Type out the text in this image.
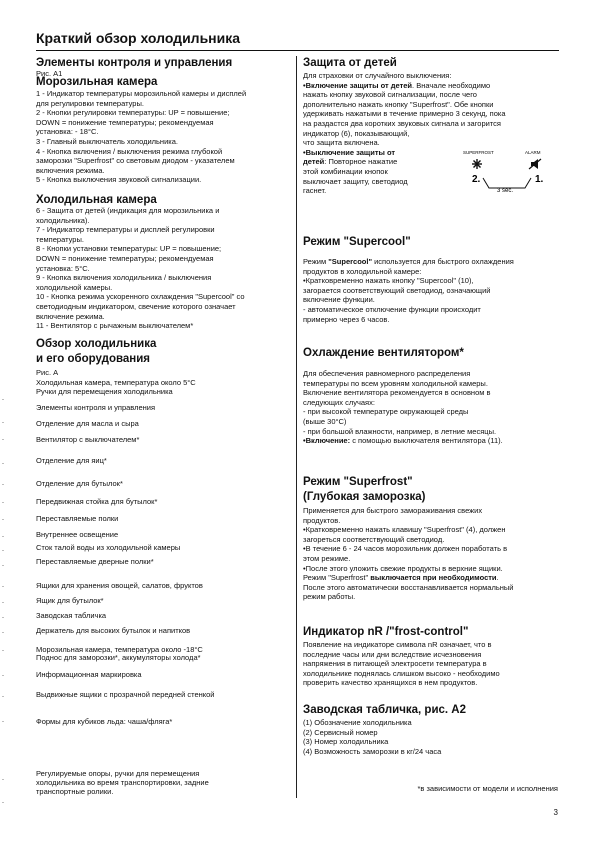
Краткий обзор холодильника
Элементы контроля и управления
Рис. A1
Морозильная камера
1 - Индикатор температуры морозильной камеры и дисплей
для регулировки температуры.
2 - Кнопки регулировки температуры: UP = повышение;
DOWN = понижение температуры; рекомендуемая
установка: - 18°C.
3 - Главный выключатель холодильника.
4 - Кнопка включения / выключения режима глубокой
заморозки "Superfrost" со световым диодом - указателем
включения режима.
5 - Кнопка выключения звуковой сигнализации.
Холодильная камера
6 - Защита от детей (индикация для морозильника и
холодильника).
7 - Индикатор температуры и дисплей регулировки
температуры.
8 - Кнопки установки температуры: UP = повышение;
DOWN = понижение температуры; рекомендуемая
установка: 5°C.
9 - Кнопка включения холодильника / выключения
холодильной камеры.
10 - Кнопка режима ускоренного охлаждения "Supercool" со
светодиодным индикатором, свечение которого означает
включение режима.
11 - Вентилятор с рычажным выключателем*
Обзор холодильника
и его оборудования
Рис. A
Холодильная камера, температура около 5°C
Ручки для перемещения холодильника
-
Элементы контроля и управления
-	Отделение для масла и сыра
-	Вентилятор с выключателем*
-	Отделение для яиц*
-	Отделение для бутылок*
-	Передвижная стойка для бутылок*
-	Переставляемые полки
-	Внутреннее освещение
-	Сток талой воды из холодильной камеры
-	Переставляемые дверные полки*
-	Ящики для хранения овощей, салатов, фруктов
-	Ящик для бутылок*
-	Заводская табличка
-	Держатель для высоких бутылок и напитков
-	Морозильная камера, температура около -18°C
Поднос для заморозки*, аккумуляторы холода*
-	Информационная маркировка
-	Выдвижные ящики с прозрачной передней стенкой
-	Формы для кубиков льда: чаша/фляга*
-
Регулируемые опоры, ручки для перемещения
холодильника во время транспортировки, задние
транспортные ролики.
-
Защита от детей
Для страховки от случайного выключения:
•Включение защиты от детей. Вначале необходимо
нажать кнопку звуковой сигнализации, после чего
дополнительно нажать кнопку "Superfrost". Обе кнопки
удерживать нажатыми в течение примерно 3 секунд, пока
на раздастся два коротких звуковых сигнала и загорится
индикатор (6), показывающий,
что защита включена.
•Выключение защиты от
детей: Повторное нажатие
этой комбинации кнопок
выключает защиту, светодиод
гаснет.
SUPERFROST	ALARM
2.	1.
3 sec.
Режим "Supercool"
Режим "Supercool" используется для быстрого охлаждения
продуктов в холодильной камере:
•Кратковременно нажать кнопку "Supercool" (10),
загорается соответствующий светодиод, означающий
включение функции.
- автоматическое отключение функции происходит
примерно через 6 часов.
Охлаждение вентилятором*
Для обеспечения равномерного распределения
температуры по всем уровням холодильной камеры.
Включение вентилятора рекомендуется в основном в
следующих случаях:
- при высокой температуре окружающей среды
(выше 30°C)
- при большой влажности, например, в летние месяцы.
•Включение: с помощью выключателя вентилятора (11).
Режим "Superfrost"
(Глубокая заморозка)
Применяется для быстрого замораживания свежих
продуктов.
•Кратковременно нажать клавишу "Superfrost" (4), должен
загореться соответствующий светодиод.
•В течение 6 - 24 часов морозильник должен поработать в
этом режиме.
•После этого уложить свежие продукты в верхние ящики.
Режим "Superfrost" выключается при необходимости.
После этого автоматически восстанавливается нормальный
режим работы.
Индикатор nR /"frost-control"
Появление на индикаторе символа nR означает, что в
последние часы или дни вследствие исчезновения
напряжения в питающей электросети температура в
холодильнике поднялась слишком высоко - необходимо
проверить качество хранящихся в нем продуктов.
Заводская табличка, рис. A2
(1) Обозначение холодильника
(2) Сервисный номер
(3) Номер холодильника
(4) Возможность заморозки в кг/24 часа
*в зависимости от модели и исполнения
3
